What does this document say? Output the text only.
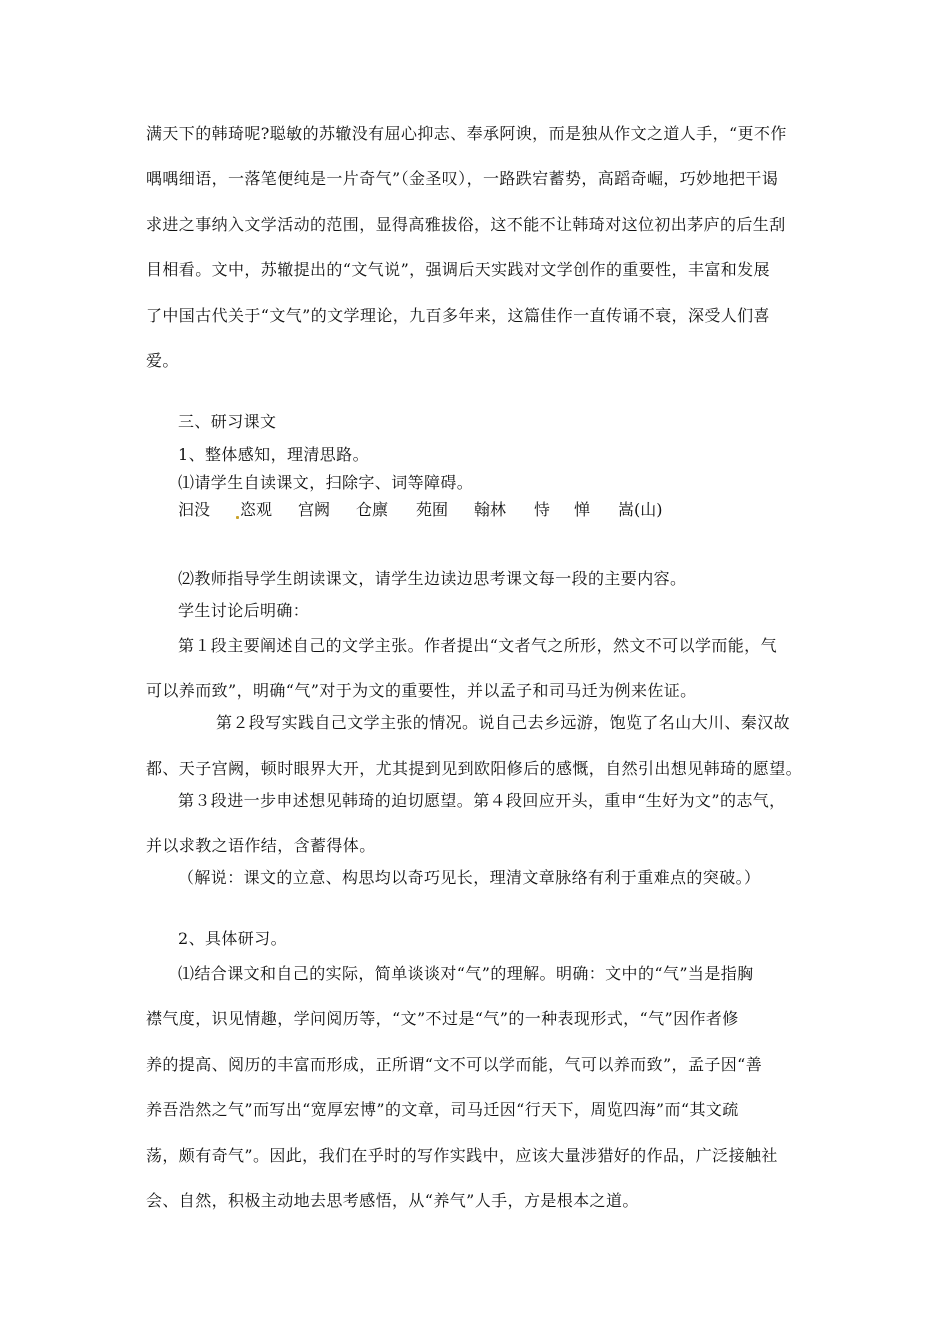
满天下的韩琦呢?聪敏的苏辙没有屈心抑志、奉承阿谀，而是独从作文之道人手，“更不作
喁喁细语，一落笔便纯是一片奇气”（金圣叹），一路跌宕蓄势，高蹈奇崛，巧妙地把干谒
求进之事纳入文学活动的范围，显得高雅拔俗，这不能不让韩琦对这位初出茅庐的后生刮
目相看。文中，苏辙提出的“文气说”，强调后天实践对文学创作的重要性，丰富和发展
了中国古代关于“文气”的文学理论，九百多年来，这篇佳作一直传诵不衰，深受人们喜
爱。
三、研习课文
1、整体感知，理清思路。
⑴请学生自读课文，扫除字、词等障碍。
汩没 恣观 宫阙 仓廪 苑囿 翰林 恃 惮 嵩(山)
⑵教师指导学生朗读课文，请学生边读边思考课文每一段的主要内容。
学生讨论后明确：
第１段主要阐述自己的文学主张。作者提出“文者气之所形，然文不可以学而能，气
可以养而致”，明确“气”对于为文的重要性，并以孟子和司马迁为例来佐证。
第２段写实践自己文学主张的情况。说自己去乡远游，饱览了名山大川、秦汉故
都、天子宫阙，顿时眼界大开，尤其提到见到欧阳修后的感慨，自然引出想见韩琦的愿望。
第３段进一步申述想见韩琦的迫切愿望。第４段回应开头，重申“生好为文”的志气，
并以求教之语作结，含蓄得体。
（解说：课文的立意、构思均以奇巧见长，理清文章脉络有利于重难点的突破。）
2、具体研习。
⑴结合课文和自己的实际，简单谈谈对“气”的理解。明确：文中的“气”当是指胸
襟气度，识见情趣，学问阅历等，“文”不过是“气”的一种表现形式，“气”因作者修
养的提高、阅历的丰富而形成，正所谓“文不可以学而能，气可以养而致”，孟子因“善
养吾浩然之气”而写出“宽厚宏博”的文章，司马迁因“行天下，周览四海”而“其文疏
荡，颇有奇气”。因此，我们在乎时的写作实践中，应该大量涉猎好的作品，广泛接触社
会、自然，积极主动地去思考感悟，从“养气”人手，方是根本之道。
